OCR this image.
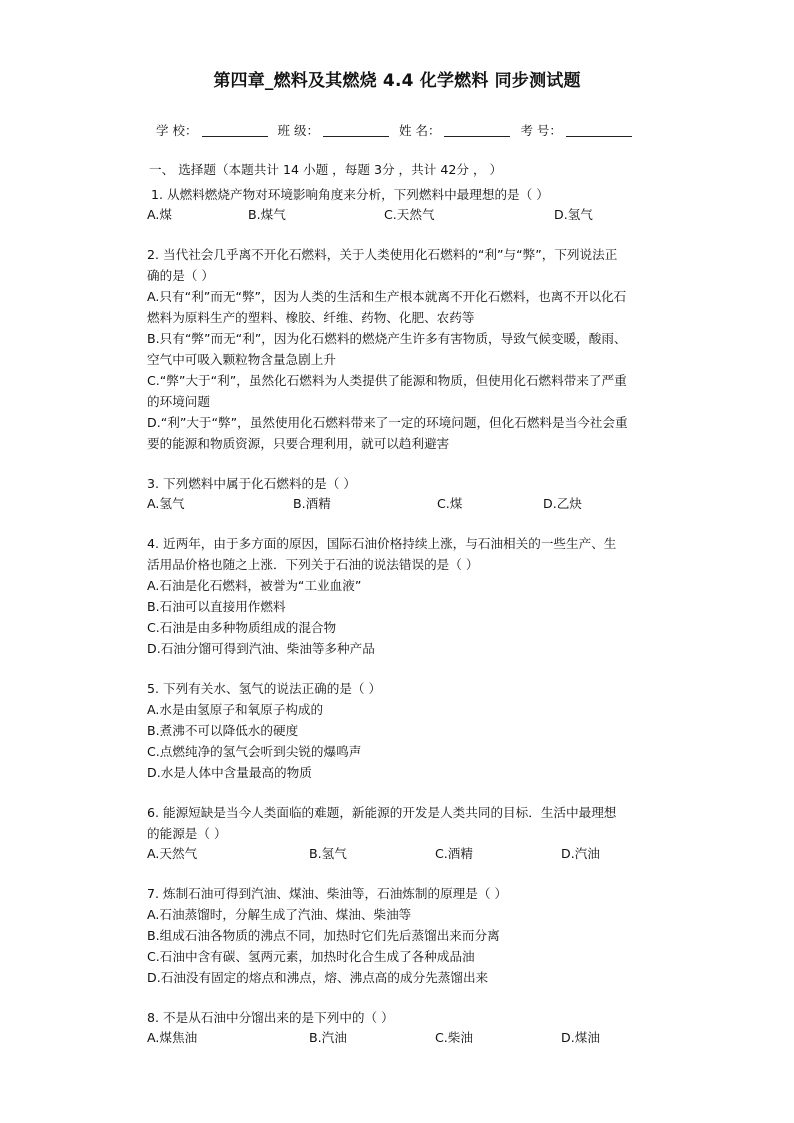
第四章_燃料及其燃烧 4.4 化学燃料 同步测试题
学 校：	班 级：	姓 名：	考 号：
一、 选择题（本题共计 14 小题 ，每题 3分 ，共计 42分 ， ）
1. 从燃料燃烧产物对环境影响角度来分析，下列燃料中最理想的是（ ）
A.煤	B.煤气	C.天然气	D.氢气
2. 当代社会几乎离不开化石燃料，关于人类使用化石燃料的“利”与“弊”，下列说法正
确的是（ ）
A.只有“利”而无“弊”，因为人类的生活和生产根本就离不开化石燃料，也离不开以化石
燃料为原料生产的塑料、橡胶、纤维、药物、化肥、农药等
B.只有“弊”而无“利”，因为化石燃料的燃烧产生许多有害物质，导致气候变暖，酸雨、
空气中可吸入颗粒物含量急剧上升
C.“弊”大于“利”，虽然化石燃料为人类提供了能源和物质，但使用化石燃料带来了严重
的环境问题
D.“利”大于“弊”，虽然使用化石燃料带来了一定的环境问题，但化石燃料是当今社会重
要的能源和物质资源，只要合理利用，就可以趋利避害
3. 下列燃料中属于化石燃料的是（ ）
A.氢气	B.酒精	C.煤	D.乙炔
4. 近两年，由于多方面的原因，国际石油价格持续上涨，与石油相关的一些生产、生
活用品价格也随之上涨．下列关于石油的说法错误的是（ ）
A.石油是化石燃料，被誉为“工业血液”
B.石油可以直接用作燃料
C.石油是由多种物质组成的混合物
D.石油分馏可得到汽油、柴油等多种产品
5. 下列有关水、氢气的说法正确的是（ ）
A.水是由氢原子和氧原子构成的
B.煮沸不可以降低水的硬度
C.点燃纯净的氢气会听到尖锐的爆鸣声
D.水是人体中含量最高的物质
6. 能源短缺是当今人类面临的难题，新能源的开发是人类共同的目标．生活中最理想
的能源是（ ）
A.天然气	B.氢气	C.酒精	D.汽油
7. 炼制石油可得到汽油、煤油、柴油等，石油炼制的原理是（ ）
A.石油蒸馏时，分解生成了汽油、煤油、柴油等
B.组成石油各物质的沸点不同，加热时它们先后蒸馏出来而分离
C.石油中含有碳、氢两元素，加热时化合生成了各种成品油
D.石油没有固定的熔点和沸点，熔、沸点高的成分先蒸馏出来
8. 不是从石油中分馏出来的是下列中的（ ）
A.煤焦油	B.汽油	C.柴油	D.煤油
